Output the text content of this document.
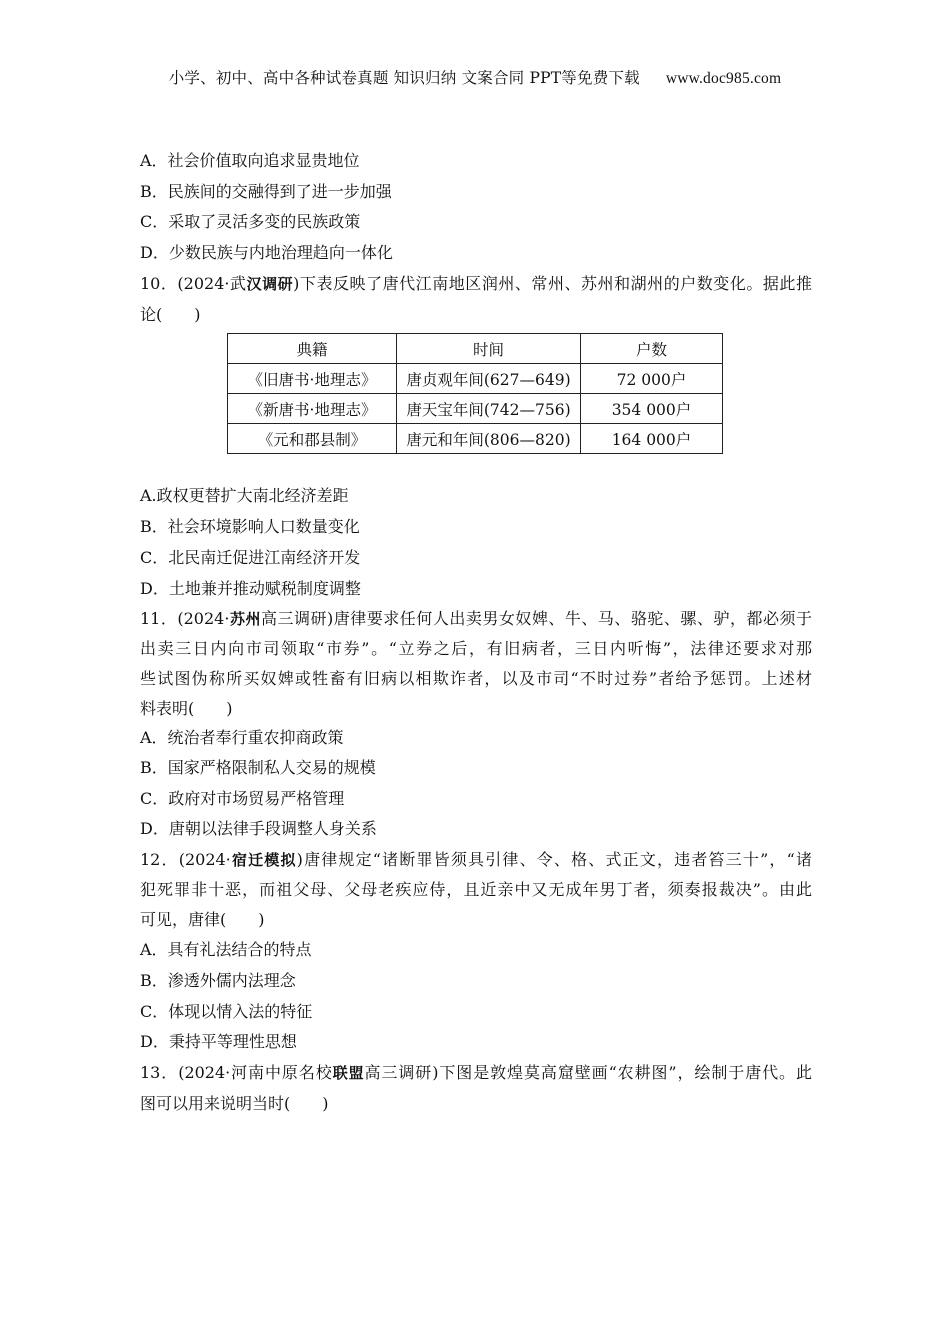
小学、初中、高中各种试卷真题 知识归纳 文案合同 PPT等免费下载 www.doc985.com
A．社会价值取向追求显贵地位
B．民族间的交融得到了进一步加强
C．采取了灵活多变的民族政策
D．少数民族与内地治理趋向一体化
10．(2024·武汉调研)下表反映了唐代江南地区润州、常州、苏州和湖州的户数变化。据此推
论(　　)
典籍	时间	户数
《旧唐书·地理志》	唐贞观年间(627—649)	72 000户
《新唐书·地理志》	唐天宝年间(742—756)	354 000户
《元和郡县制》	唐元和年间(806—820)	164 000户
A.政权更替扩大南北经济差距
B．社会环境影响人口数量变化
C．北民南迁促进江南经济开发
D．土地兼并推动赋税制度调整
11．(2024·苏州高三调研)唐律要求任何人出卖男女奴婢、牛、马、骆驼、骡、驴，都必须于
出卖三日内向市司领取“市券”。“立券之后，有旧病者，三日内听悔”，法律还要求对那
些试图伪称所买奴婢或牲畜有旧病以相欺诈者，以及市司“不时过券”者给予惩罚。上述材
料表明(　　)
A．统治者奉行重农抑商政策
B．国家严格限制私人交易的规模
C．政府对市场贸易严格管理
D．唐朝以法律手段调整人身关系
12．(2024·宿迁模拟)唐律规定“诸断罪皆须具引律、令、格、式正文，违者笞三十”，“诸
犯死罪非十恶，而祖父母、父母老疾应侍，且近亲中又无成年男丁者，须奏报裁决”。由此
可见，唐律(　　)
A．具有礼法结合的特点
B．渗透外儒内法理念
C．体现以情入法的特征
D．秉持平等理性思想
13．(2024·河南中原名校联盟高三调研)下图是敦煌莫高窟壁画“农耕图”，绘制于唐代。此
图可以用来说明当时(　　)
